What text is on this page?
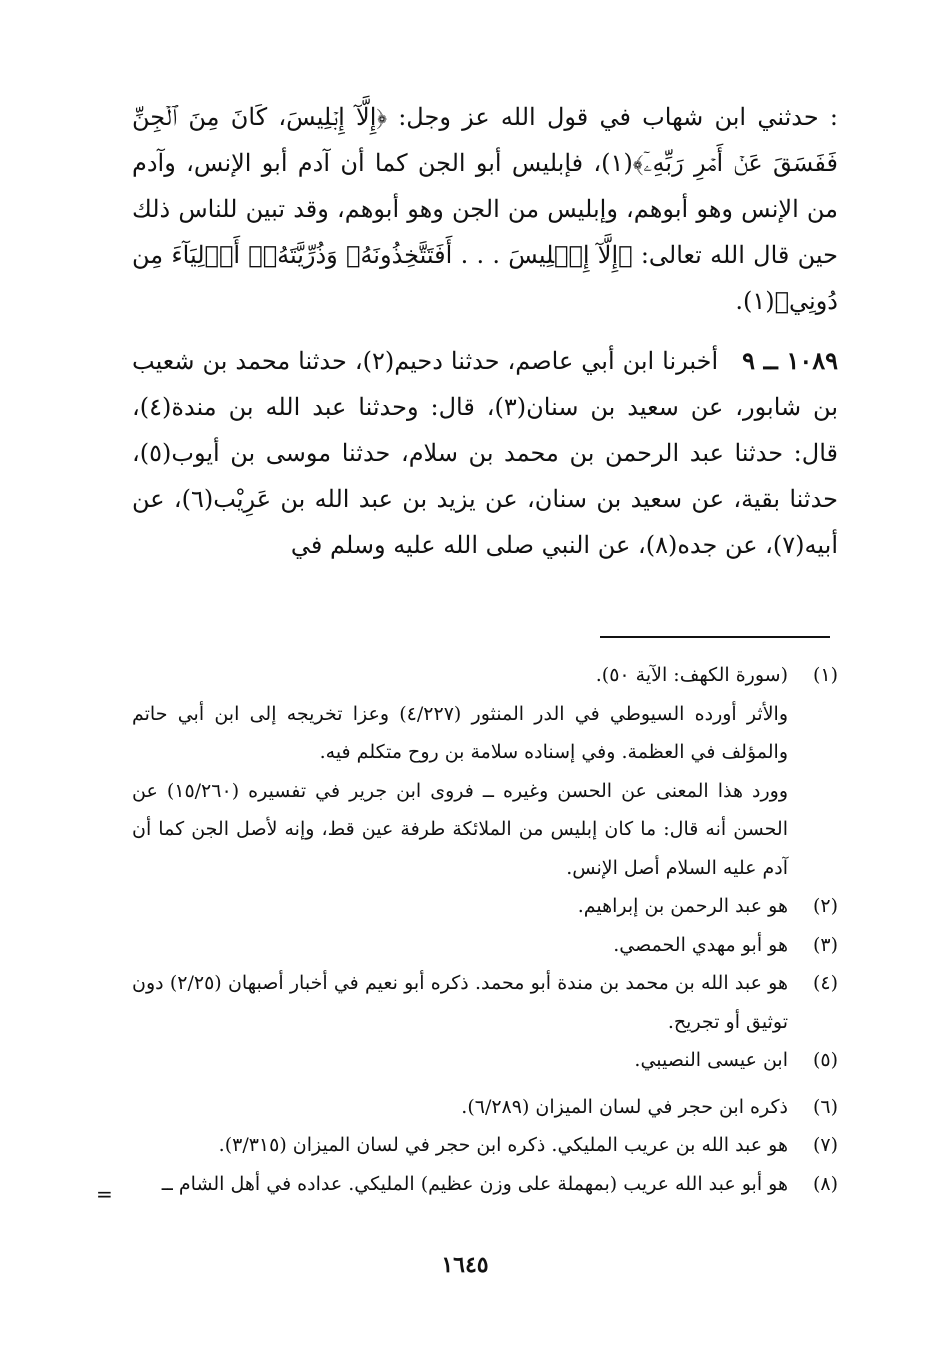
: حدثني ابن شهاب في قول الله عز وجل: ﴿إِلَّآ إِبۡلِيسَ، كَانَ مِنَ ٱلۡجِنِّ فَفَسَقَ عَنۡ أَمۡرِ رَبِّهِۦٓ﴾(١)، فإبليس أبو الجن كما أن آدم أبو الإنس، وآدم من الإنس وهو أبوهم، وإبليس من الجن وهو أبوهم، وقد تبين للناس ذلك حين قال الله تعالى: ﴿إِلَّآ إِبۡلِيسَ . . . أَفَتَتَّخِذُونَهُۥ وَذُرِّيَّتَهُۥٓ أَوۡلِيَآءَ مِن دُونِي﴾(١).

١٠٨٩ ــ ٩   أخبرنا ابن أبي عاصم، حدثنا دحيم(٢)، حدثنا محمد بن شعيب بن شابور، عن سعيد بن سنان(٣)، قال: وحدثنا عبد الله بن مندة(٤)، قال: حدثنا عبد الرحمن بن محمد بن سلام، حدثنا موسى بن أيوب(٥)، حدثنا بقية، عن سعيد بن سنان، عن يزيد بن عبد الله بن عَرِيْب(٦)، عن أبيه(٧)، عن جده(٨)، عن النبي صلى الله عليه وسلم في

(١)
(سورة الكهف: الآية ٥٠).
والأثر أورده السيوطي في الدر المنثور (٤/٢٢٧) وعزا تخريجه إلى ابن أبي حاتم والمؤلف في العظمة. وفي إسناده سلامة بن روح متكلم فيه.
وورد هذا المعنى عن الحسن وغيره ــ فروى ابن جرير في تفسيره (١٥/٢٦٠) عن الحسن أنه قال: ما كان إبليس من الملائكة طرفة عين قط، وإنه لأصل الجن كما أن آدم عليه السلام أصل الإنس.
(٢)
هو عبد الرحمن بن إبراهيم.
(٣)
هو أبو مهدي الحمصي.
(٤)
هو عبد الله بن محمد بن مندة أبو محمد. ذكره أبو نعيم في أخبار أصبهان (٢/٢٥) دون توثيق أو تجريح.
(٥)
ابن عيسى النصيبي.
(٦)
ذكره ابن حجر في لسان الميزان (٦/٢٨٩).
(٧)
هو عبد الله بن عريب المليكي. ذكره ابن حجر في لسان الميزان (٣/٣١٥).
(٨)
هو أبو عبد الله عريب (بمهملة على وزن عظيم) المليكي. عداده في أهل الشام ــ
=
١٦٤٥
